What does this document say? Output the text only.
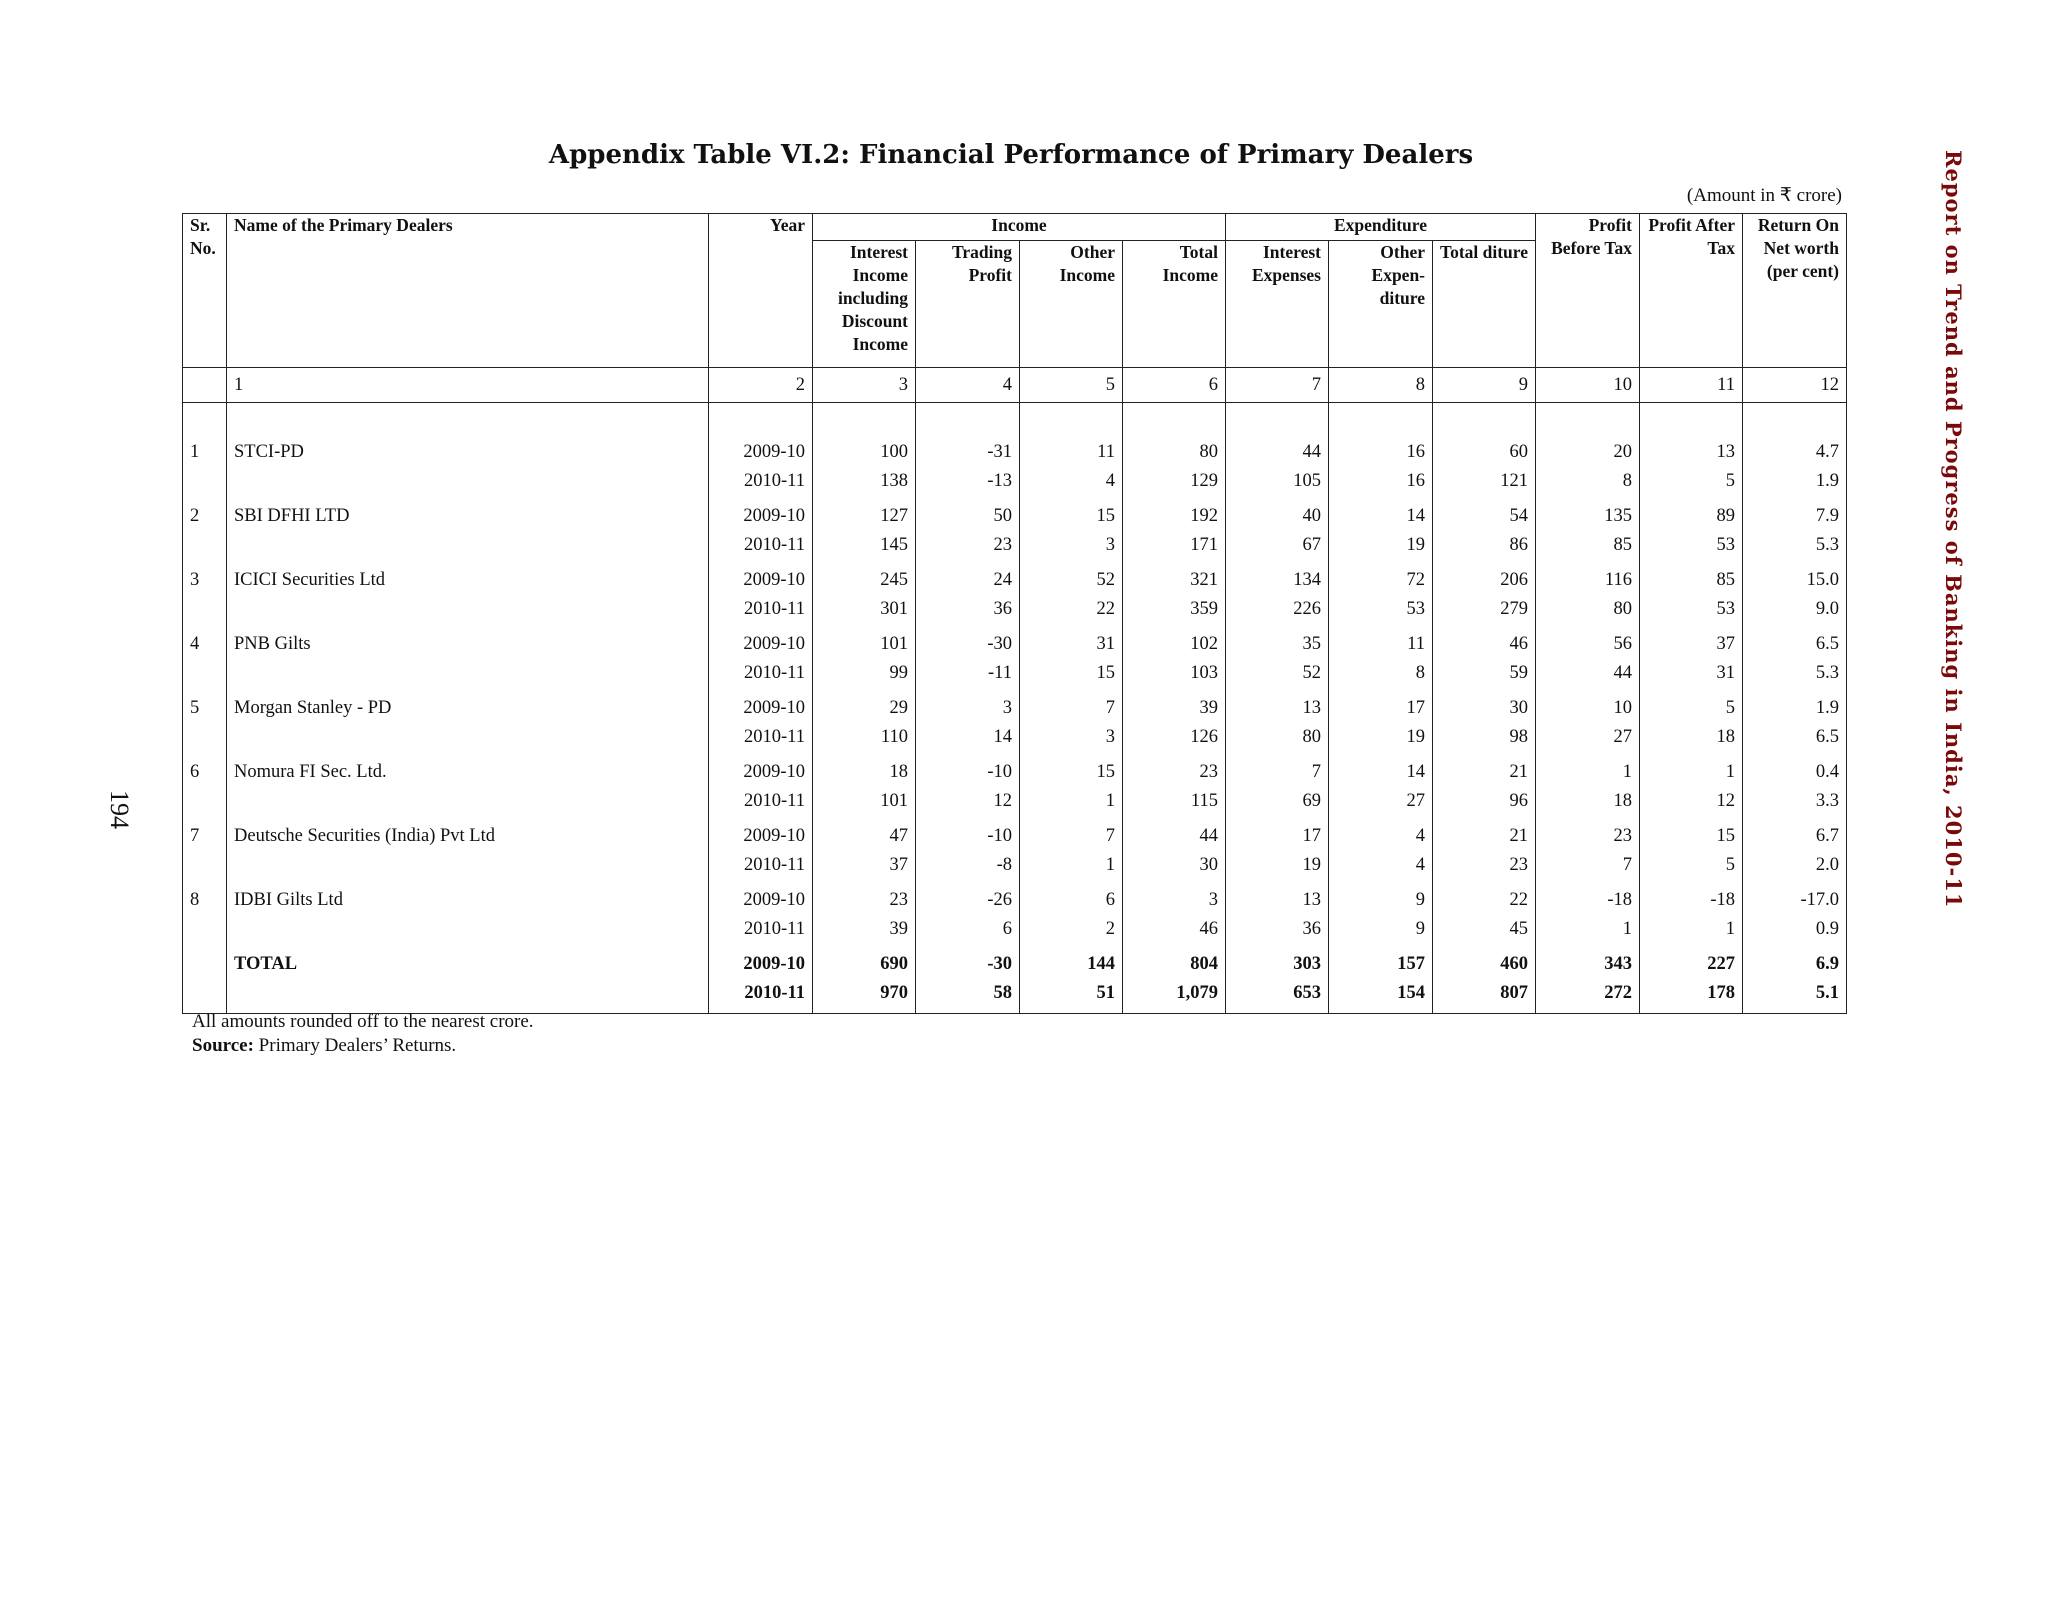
Appendix Table VI.2: Financial Performance of Primary Dealers
(Amount in ₹ crore)	Report on Trend and Progress of Banking in India, 2010-11
194
Sr. No.	Name of the Primary Dealers	Year	Income				Expenditure			Profit Before Tax	Profit After Tax	Return On Net worth (per cent)
			Interest Income including Discount Income	Trading Profit	Other Income	Total Income	Interest Expenses	Other Expen- diture	Total diture			
	1	2	3	4	5	6	7	8	9	10	11	12
1	STCI-PD	2009-10	100	-31	11	80	44	16	60	20	13	4.7
		2010-11	138	-13	4	129	105	16	121	8	5	1.9
2	SBI DFHI LTD	2009-10	127	50	15	192	40	14	54	135	89	7.9
		2010-11	145	23	3	171	67	19	86	85	53	5.3
3	ICICI Securities Ltd	2009-10	245	24	52	321	134	72	206	116	85	15.0
		2010-11	301	36	22	359	226	53	279	80	53	9.0
4	PNB Gilts	2009-10	101	-30	31	102	35	11	46	56	37	6.5
		2010-11	99	-11	15	103	52	8	59	44	31	5.3
5	Morgan Stanley - PD	2009-10	29	3	7	39	13	17	30	10	5	1.9
		2010-11	110	14	3	126	80	19	98	27	18	6.5
6	Nomura FI Sec. Ltd.	2009-10	18	-10	15	23	7	14	21	1	1	0.4
		2010-11	101	12	1	115	69	27	96	18	12	3.3
7	Deutsche Securities (India) Pvt Ltd	2009-10	47	-10	7	44	17	4	21	23	15	6.7
		2010-11	37	-8	1	30	19	4	23	7	5	2.0
8	IDBI Gilts Ltd	2009-10	23	-26	6	3	13	9	22	-18	-18	-17.0
		2010-11	39	6	2	46	36	9	45	1	1	0.9
	TOTAL	2009-10	690	-30	144	804	303	157	460	343	227	6.9
		2010-11	970	58	51	1,079	653	154	807	272	178	5.1
All amounts rounded off to the nearest crore.
Source: Primary Dealers’ Returns.
